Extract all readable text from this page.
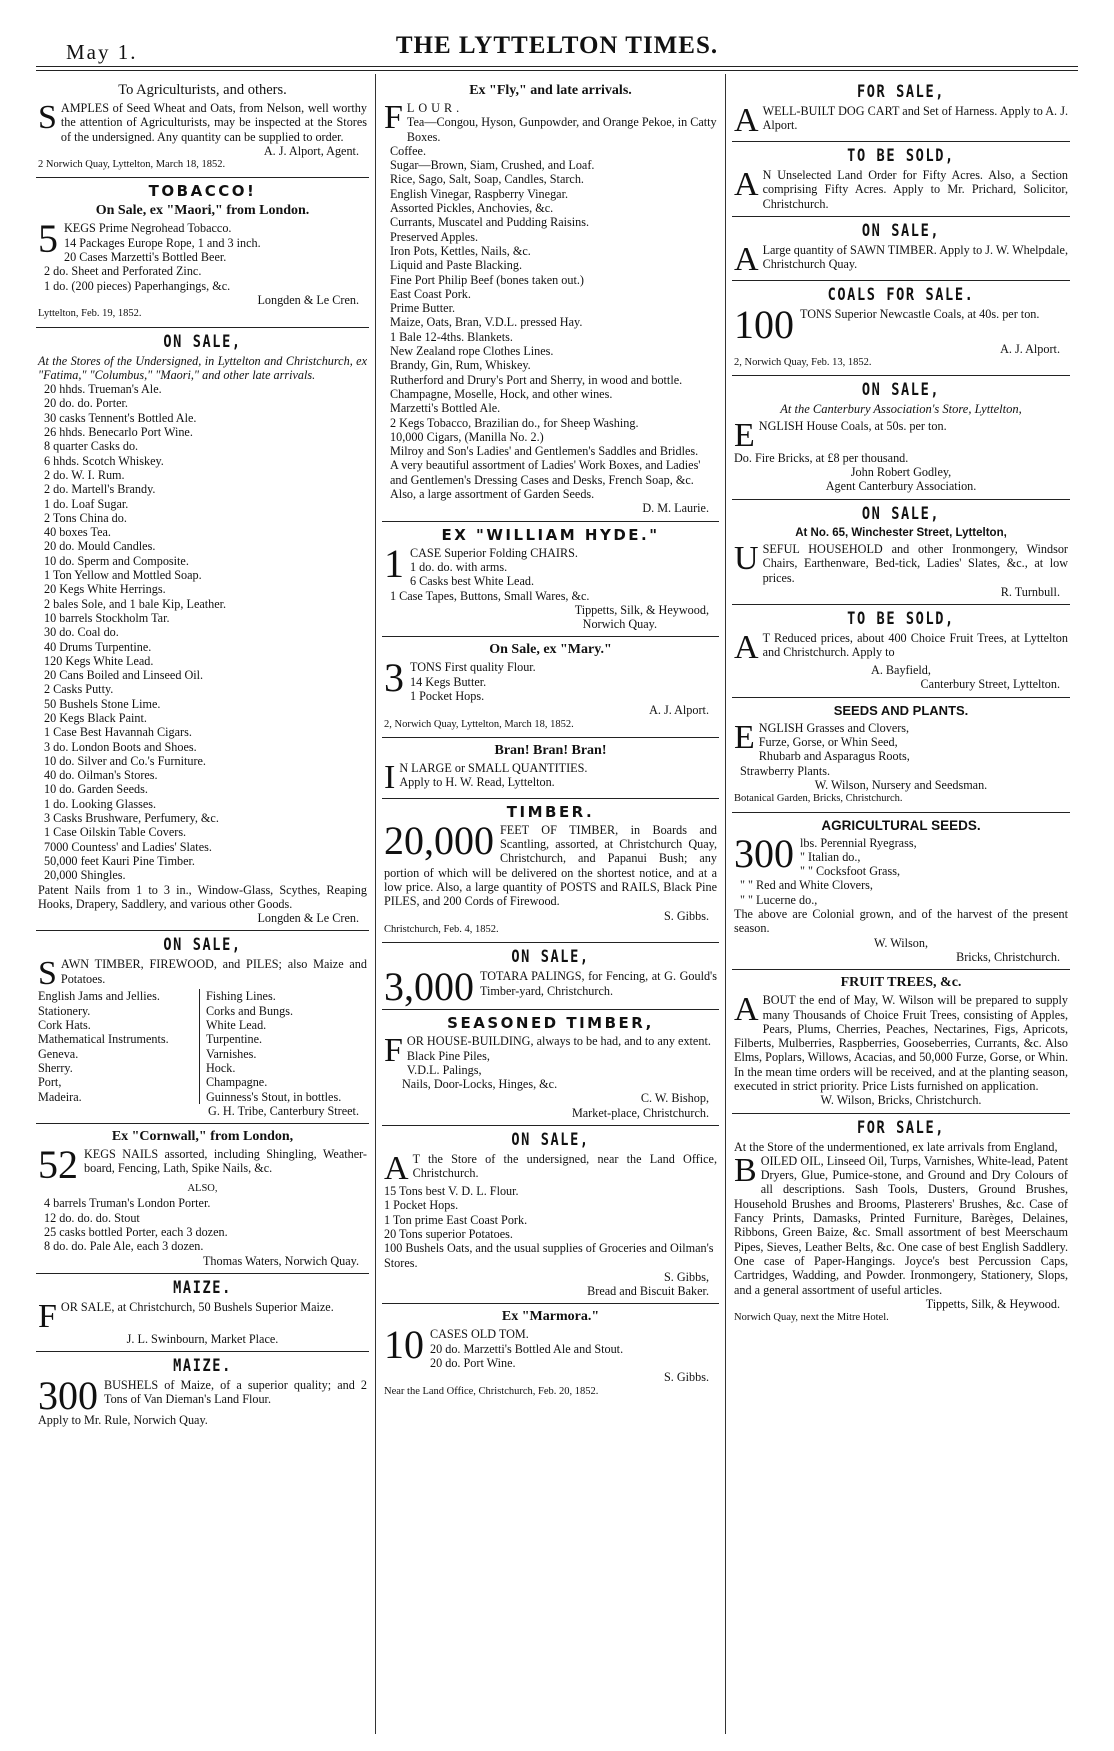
May 1.	THE LYTTELTON TIMES.
To Agriculturists, and others.
SAMPLES of Seed Wheat and Oats, from Nelson, well worthy the attention of Agriculturists, may be inspected at the Stores of the undersigned. Any quantity can be supplied to order.
A. J. Alport, Agent.
2 Norwich Quay, Lyttelton, March 18, 1852.
TOBACCO!
On Sale, ex "Maori," from London.
5 KEGS Prime Negrohead Tobacco.
14 Packages Europe Rope, 1 and 3 inch.
20 Cases Marzetti's Bottled Beer.
2 do. Sheet and Perforated Zinc.
1 do. (200 pieces) Paperhangings, &c.
Longden & Le Cren.
Lyttelton, Feb. 19, 1852.
ON SALE,
At the Stores of the Undersigned, in Lyttelton and Christchurch, ex "Fatima," "Columbus," "Maori," and other late arrivals.
20 hhds. Trueman's Ale.
20 do. do. Porter.
30 casks Tennent's Bottled Ale.
26 hhds. Benecarlo Port Wine.
8 quarter Casks do.
6 hhds. Scotch Whiskey.
2 do. W. I. Rum.
2 do. Martell's Brandy.
1 do. Loaf Sugar.
2 Tons China do.
40 boxes Tea.
20 do. Mould Candles.
10 do. Sperm and Composite.
1 Ton Yellow and Mottled Soap.
20 Kegs White Herrings.
2 bales Sole, and 1 bale Kip, Leather.
10 barrels Stockholm Tar.
30 do. Coal do.
40 Drums Turpentine.
120 Kegs White Lead.
20 Cans Boiled and Linseed Oil.
2 Casks Putty.
50 Bushels Stone Lime.
20 Kegs Black Paint.
1 Case Best Havannah Cigars.
3 do. London Boots and Shoes.
10 do. Silver and Co.'s Furniture.
40 do. Oilman's Stores.
10 do. Garden Seeds.
1 do. Looking Glasses.
3 Casks Brushware, Perfumery, &c.
1 Case Oilskin Table Covers.
7000 Countess' and Ladies' Slates.
50,000 feet Kauri Pine Timber.
20,000 Shingles.
Patent Nails from 1 to 3 in., Window-Glass, Scythes, Reaping Hooks, Drapery, Saddlery, and various other Goods.
Longden & Le Cren.
ON SALE,
SAWN TIMBER, FIREWOOD, and PILES; also Maize and Potatoes.
English Jams and Jellies.
Stationery.
Cork Hats.
Mathematical Instruments.
Geneva.
Sherry.
Port,
Madeira.
Fishing Lines.
Corks and Bungs.
White Lead.
Turpentine.
Varnishes.
Hock.
Champagne.
Guinness's Stout, in bottles.
G. H. Tribe, Canterbury Street.
Ex "Cornwall," from London,
52 KEGS NAILS assorted, including Shingling, Weather-board, Fencing, Lath, Spike Nails, &c.
ALSO,
4 barrels Truman's London Porter.
12 do. do. do. Stout
25 casks bottled Porter, each 3 dozen.
8 do. do. Pale Ale, each 3 dozen.
Thomas Waters, Norwich Quay.
MAIZE.
FOR SALE, at Christchurch, 50 Bushels Superior Maize.
J. L. Swinbourn, Market Place.
MAIZE.
300 BUSHELS of Maize, of a superior quality; and 2 Tons of Van Dieman's Land Flour.
Apply to Mr. Rule, Norwich Quay.
Ex "Fly," and late arrivals.
FLOUR.
Tea—Congou, Hyson, Gunpowder, and Orange Pekoe, in Catty Boxes.
Coffee.
Sugar—Brown, Siam, Crushed, and Loaf.
Rice, Sago, Salt, Soap, Candles, Starch.
English Vinegar, Raspberry Vinegar.
Assorted Pickles, Anchovies, &c.
Currants, Muscatel and Pudding Raisins.
Preserved Apples.
Iron Pots, Kettles, Nails, &c.
Liquid and Paste Blacking.
Fine Port Philip Beef (bones taken out.)
East Coast Pork.
Prime Butter.
Maize, Oats, Bran, V.D.L. pressed Hay.
1 Bale 12-4ths. Blankets.
New Zealand rope Clothes Lines.
Brandy, Gin, Rum, Whiskey.
Rutherford and Drury's Port and Sherry, in wood and bottle.
Champagne, Moselle, Hock, and other wines.
Marzetti's Bottled Ale.
2 Kegs Tobacco, Brazilian do., for Sheep Washing.
10,000 Cigars, (Manilla No. 2.)
Milroy and Son's Ladies' and Gentlemen's Saddles and Bridles.
A very beautiful assortment of Ladies' Work Boxes, and Ladies' and Gentlemen's Dressing Cases and Desks, French Soap, &c.
Also, a large assortment of Garden Seeds.
D. M. Laurie.
EX "WILLIAM HYDE."
1 CASE Superior Folding CHAIRS.
1 do. do. with arms.
6 Casks best White Lead.
1 Case Tapes, Buttons, Small Wares, &c.
Tippetts, Silk, & Heywood,
Norwich Quay.
On Sale, ex "Mary."
3 TONS First quality Flour.
14 Kegs Butter.
1 Pocket Hops.
A. J. Alport.
2, Norwich Quay, Lyttelton, March 18, 1852.
Bran! Bran! Bran!
I N LARGE or SMALL QUANTITIES.
Apply to H. W. Read, Lyttelton.
TIMBER.
20,000 FEET OF TIMBER, in Boards and Scantling, assorted, at Christchurch Quay, Christchurch, and Papanui Bush; any portion of which will be delivered on the shortest notice, and at a low price. Also, a large quantity of POSTS and RAILS, Black Pine PILES, and 200 Cords of Firewood.
S. Gibbs.
Christchurch, Feb. 4, 1852.
ON SALE,
3,000 TOTARA PALINGS, for Fencing, at G. Gould's Timber-yard, Christchurch.
SEASONED TIMBER,
FOR HOUSE-BUILDING, always to be had, and to any extent.
Black Pine Piles,
V.D.L. Palings,
Nails, Door-Locks, Hinges, &c.
C. W. Bishop,
Market-place, Christchurch.
ON SALE,
A T the Store of the undersigned, near the Land Office, Christchurch.
15 Tons best V. D. L. Flour.
1 Pocket Hops.
1 Ton prime East Coast Pork.
20 Tons superior Potatoes.
100 Bushels Oats, and the usual supplies of Groceries and Oilman's Stores.
S. Gibbs,
Bread and Biscuit Baker.
Ex "Marmora."
10 CASES OLD TOM.
20 do. Marzetti's Bottled Ale and Stout.
20 do. Port Wine.
S. Gibbs.
Near the Land Office, Christchurch, Feb. 20, 1852.
FOR SALE,
AWELL-BUILT DOG CART and Set of Harness. Apply to A. J. Alport.
TO BE SOLD,
A N Unselected Land Order for Fifty Acres. Also, a Section comprising Fifty Acres. Apply to Mr. Prichard, Solicitor, Christchurch.
ON SALE,
A Large quantity of SAWN TIMBER. Apply to J. W. Whelpdale, Christchurch Quay.
COALS FOR SALE.
100 TONS Superior Newcastle Coals, at 40s. per ton.
A. J. Alport.
2, Norwich Quay, Feb. 13, 1852.
ON SALE,
At the Canterbury Association's Store, Lyttelton,
ENGLISH House Coals, at 50s. per ton.
Do. Fire Bricks, at £8 per thousand.
John Robert Godley,
Agent Canterbury Association.
ON SALE,
At No. 65, Winchester Street, Lyttelton,
USEFUL HOUSEHOLD and other Ironmongery, Windsor Chairs, Earthenware, Bed-tick, Ladies' Slates, &c., at low prices.
R. Turnbull.
TO BE SOLD,
A T Reduced prices, about 400 Choice Fruit Trees, at Lyttelton and Christchurch. Apply to
A. Bayfield,
Canterbury Street, Lyttelton.
SEEDS AND PLANTS.
ENGLISH Grasses and Clovers,
Furze, Gorse, or Whin Seed,
Rhubarb and Asparagus Roots,
Strawberry Plants.
W. Wilson, Nursery and Seedsman.
Botanical Garden, Bricks, Christchurch.
AGRICULTURAL SEEDS.
300 lbs. Perennial Ryegrass,
" Italian do.,
" " Cocksfoot Grass,
" " Red and White Clovers,
" " Lucerne do.,
The above are Colonial grown, and of the harvest of the present season.
W. Wilson,
Bricks, Christchurch.
FRUIT TREES, &c.
ABOUT the end of May, W. Wilson will be prepared to supply many Thousands of Choice Fruit Trees, consisting of Apples, Pears, Plums, Cherries, Peaches, Nectarines, Figs, Apricots, Filberts, Mulberries, Raspberries, Gooseberries, Currants, &c. Also Elms, Poplars, Willows, Acacias, and 50,000 Furze, Gorse, or Whin. In the mean time orders will be received, and at the planting season, executed in strict priority. Price Lists furnished on application.
W. Wilson, Bricks, Christchurch.
FOR SALE,
At the Store of the undermentioned, ex late arrivals from England,
BOILED OIL, Linseed Oil, Turps, Varnishes, White-lead, Patent Dryers, Glue, Pumice-stone, and Ground and Dry Colours of all descriptions. Sash Tools, Dusters, Ground Brushes, Household Brushes and Brooms, Plasterers' Brushes, &c. Case of Fancy Prints, Damasks, Printed Furniture, Barèges, Delaines, Ribbons, Green Baize, &c. Small assortment of best Meerschaum Pipes, Sieves, Leather Belts, &c. One case of best English Saddlery. One case of Paper-Hangings. Joyce's best Percussion Caps, Cartridges, Wadding, and Powder. Ironmongery, Stationery, Slops, and a general assortment of useful articles.
Tippetts, Silk, & Heywood.
Norwich Quay, next the Mitre Hotel.
